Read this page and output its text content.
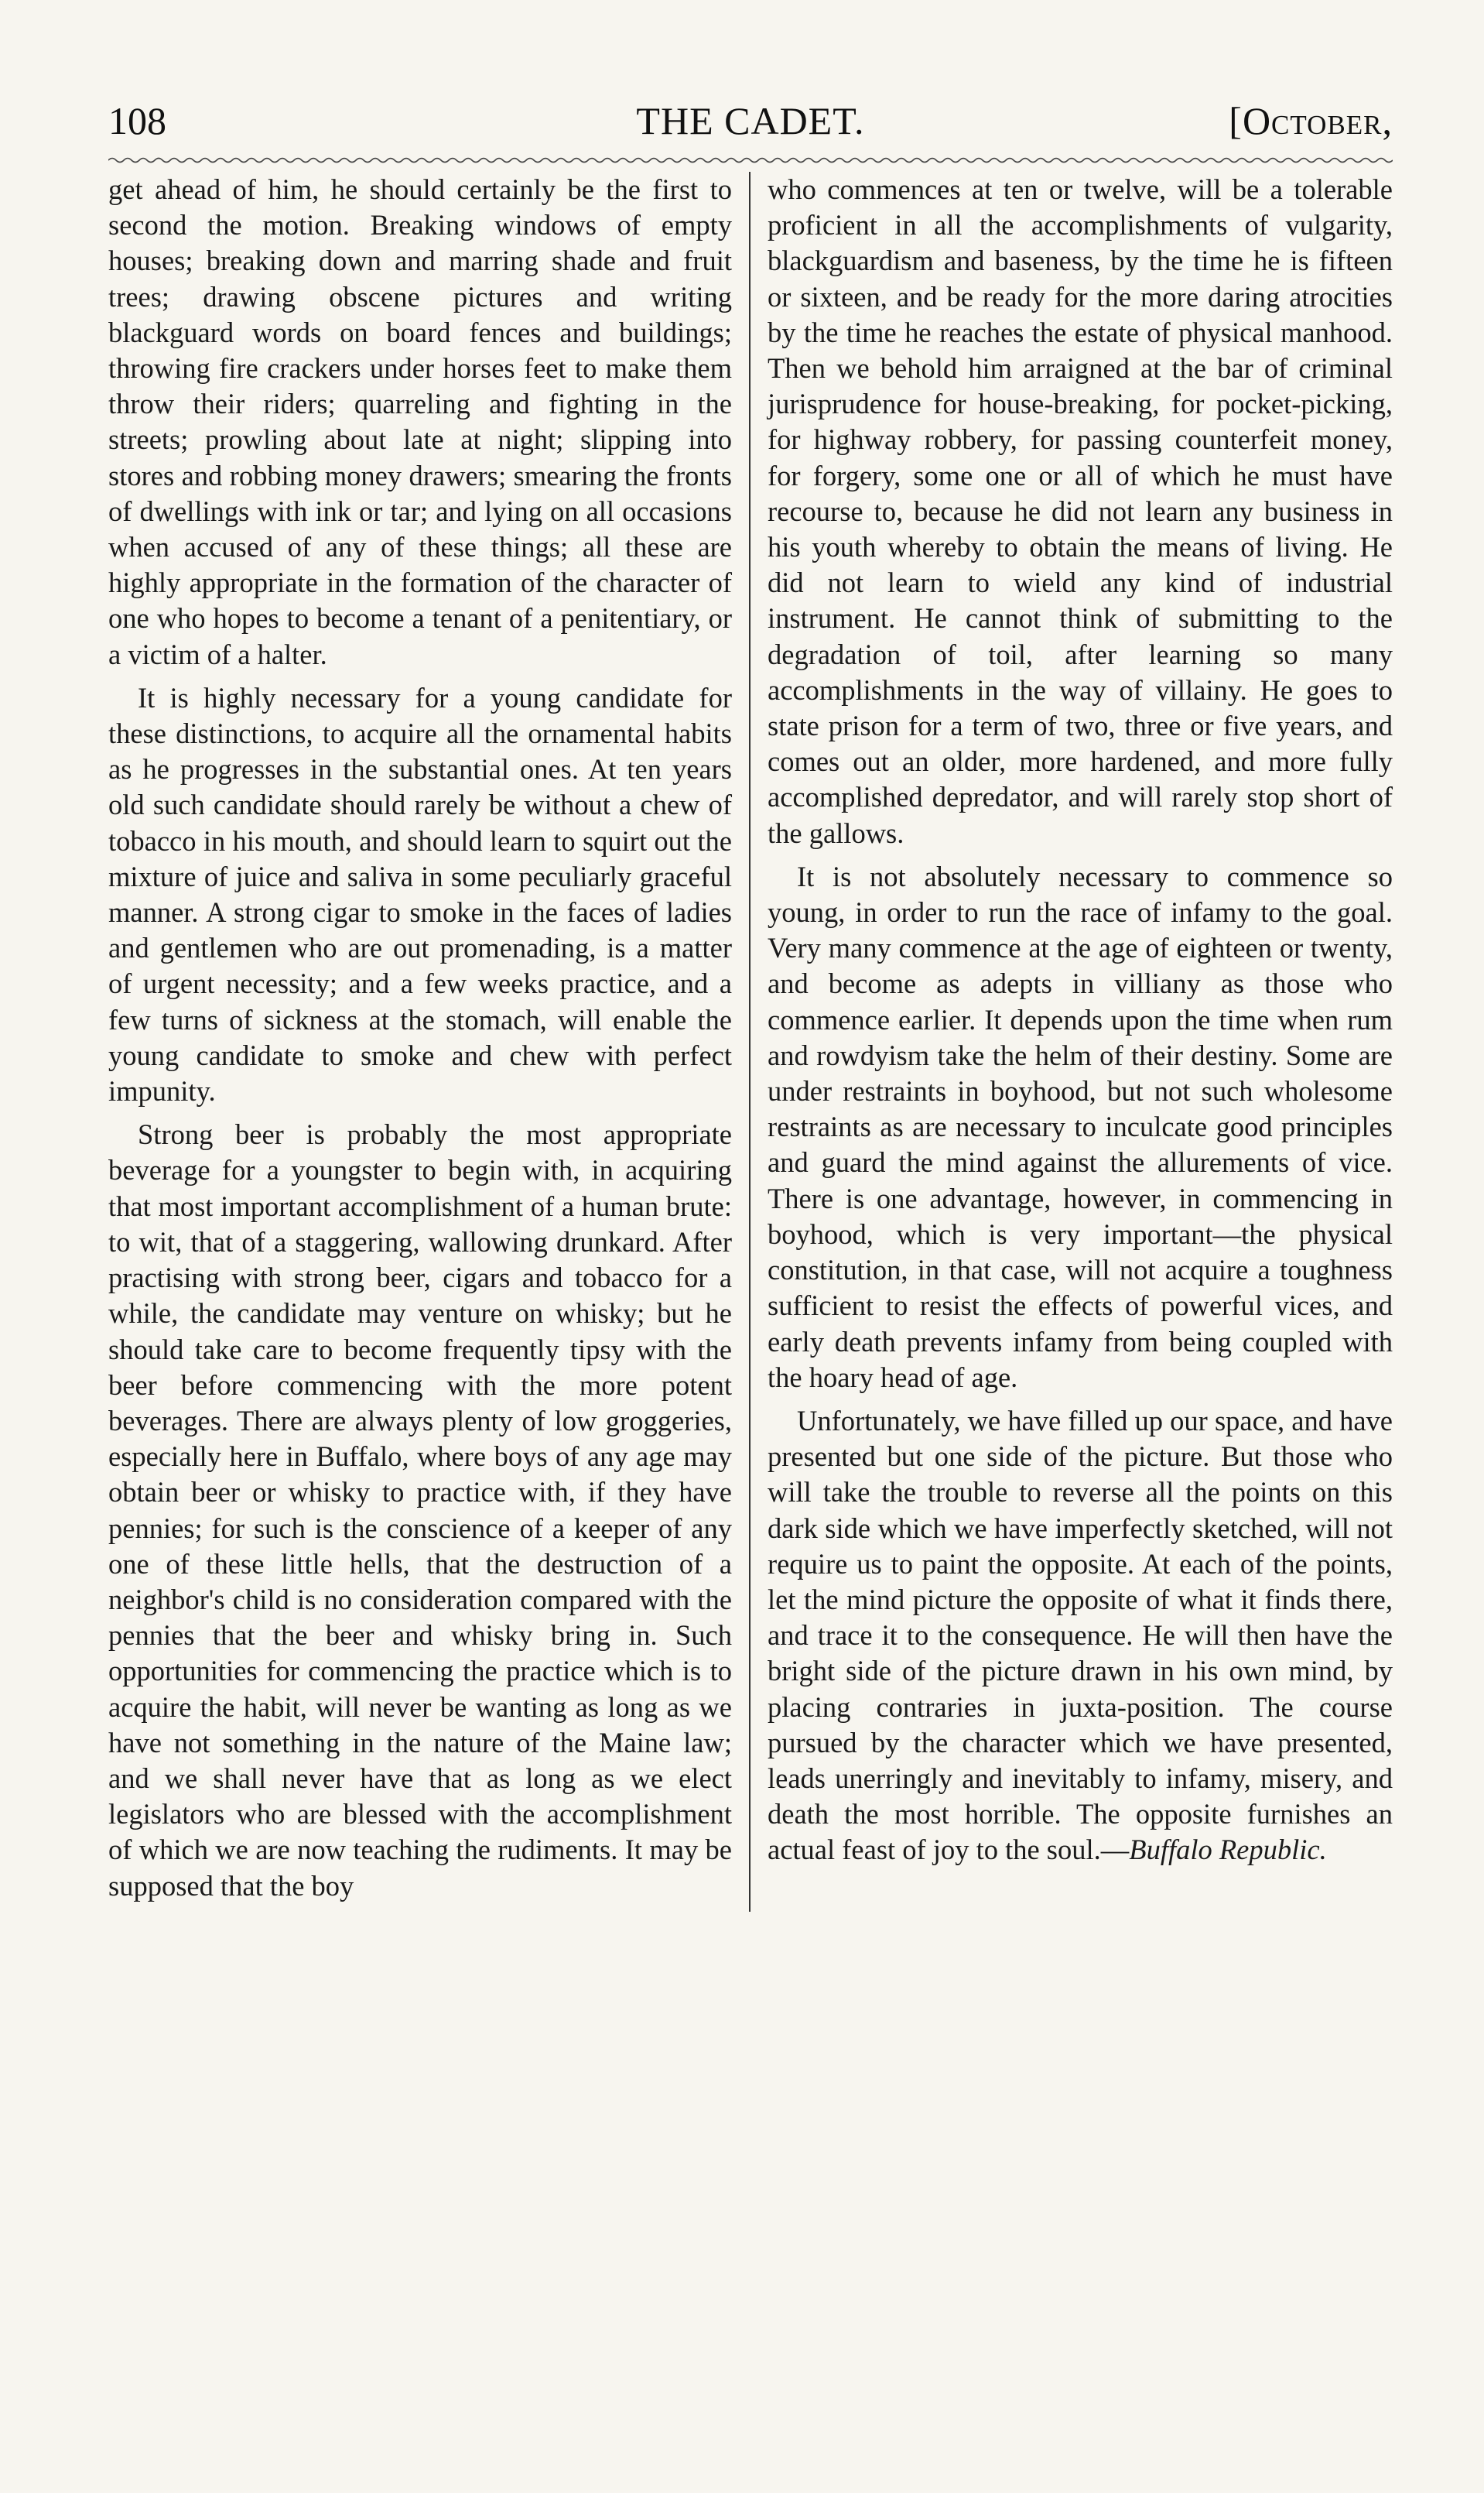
108	THE CADET.	[October,

get ahead of him, he should certainly be the first to second the motion. Breaking windows of empty houses; breaking down and marring shade and fruit trees; drawing obscene pictures and writing blackguard words on board fences and buildings; throwing fire crackers under horses feet to make them throw their riders; quarreling and fighting in the streets; prowling about late at night; slipping into stores and robbing money drawers; smearing the fronts of dwellings with ink or tar; and lying on all occasions when accused of any of these things; all these are highly appropriate in the formation of the character of one who hopes to become a tenant of a penitentiary, or a victim of a halter.

It is highly necessary for a young candidate for these distinctions, to acquire all the ornamental habits as he progresses in the substantial ones. At ten years old such candidate should rarely be without a chew of tobacco in his mouth, and should learn to squirt out the mixture of juice and saliva in some peculiarly graceful manner. A strong cigar to smoke in the faces of ladies and gentlemen who are out promenading, is a matter of urgent necessity; and a few weeks practice, and a few turns of sickness at the stomach, will enable the young candidate to smoke and chew with perfect impunity.

Strong beer is probably the most appropriate beverage for a youngster to begin with, in acquiring that most important accomplishment of a human brute: to wit, that of a staggering, wallowing drunkard. After practising with strong beer, cigars and tobacco for a while, the candidate may venture on whisky; but he should take care to become frequently tipsy with the beer before commencing with the more potent beverages. There are always plenty of low groggeries, especially here in Buffalo, where boys of any age may obtain beer or whisky to practice with, if they have pennies; for such is the conscience of a keeper of any one of these little hells, that the destruction of a neighbor's child is no consideration compared with the pennies that the beer and whisky bring in. Such opportunities for commencing the practice which is to acquire the habit, will never be wanting as long as we have not something in the nature of the Maine law; and we shall never have that as long as we elect legislators who are blessed with the accomplishment of which we are now teaching the rudiments. It may be supposed that the boy

who commences at ten or twelve, will be a tolerable proficient in all the accomplishments of vulgarity, blackguardism and baseness, by the time he is fifteen or sixteen, and be ready for the more daring atrocities by the time he reaches the estate of physical manhood. Then we behold him arraigned at the bar of criminal jurisprudence for house-breaking, for pocket-picking, for highway robbery, for passing counterfeit money, for forgery, some one or all of which he must have recourse to, because he did not learn any business in his youth whereby to obtain the means of living. He did not learn to wield any kind of industrial instrument. He cannot think of submitting to the degradation of toil, after learning so many accomplishments in the way of villainy. He goes to state prison for a term of two, three or five years, and comes out an older, more hardened, and more fully accomplished depredator, and will rarely stop short of the gallows.

It is not absolutely necessary to commence so young, in order to run the race of infamy to the goal. Very many commence at the age of eighteen or twenty, and become as adepts in villiany as those who commence earlier. It depends upon the time when rum and rowdyism take the helm of their destiny. Some are under restraints in boyhood, but not such wholesome restraints as are necessary to inculcate good principles and guard the mind against the allurements of vice. There is one advantage, however, in commencing in boyhood, which is very important—the physical constitution, in that case, will not acquire a toughness sufficient to resist the effects of powerful vices, and early death prevents infamy from being coupled with the hoary head of age.

Unfortunately, we have filled up our space, and have presented but one side of the picture. But those who will take the trouble to reverse all the points on this dark side which we have imperfectly sketched, will not require us to paint the opposite. At each of the points, let the mind picture the opposite of what it finds there, and trace it to the consequence. He will then have the bright side of the picture drawn in his own mind, by placing contraries in juxta-position. The course pursued by the character which we have presented, leads unerringly and inevitably to infamy, misery, and death the most horrible. The opposite furnishes an actual feast of joy to the soul.—Buffalo Republic.
